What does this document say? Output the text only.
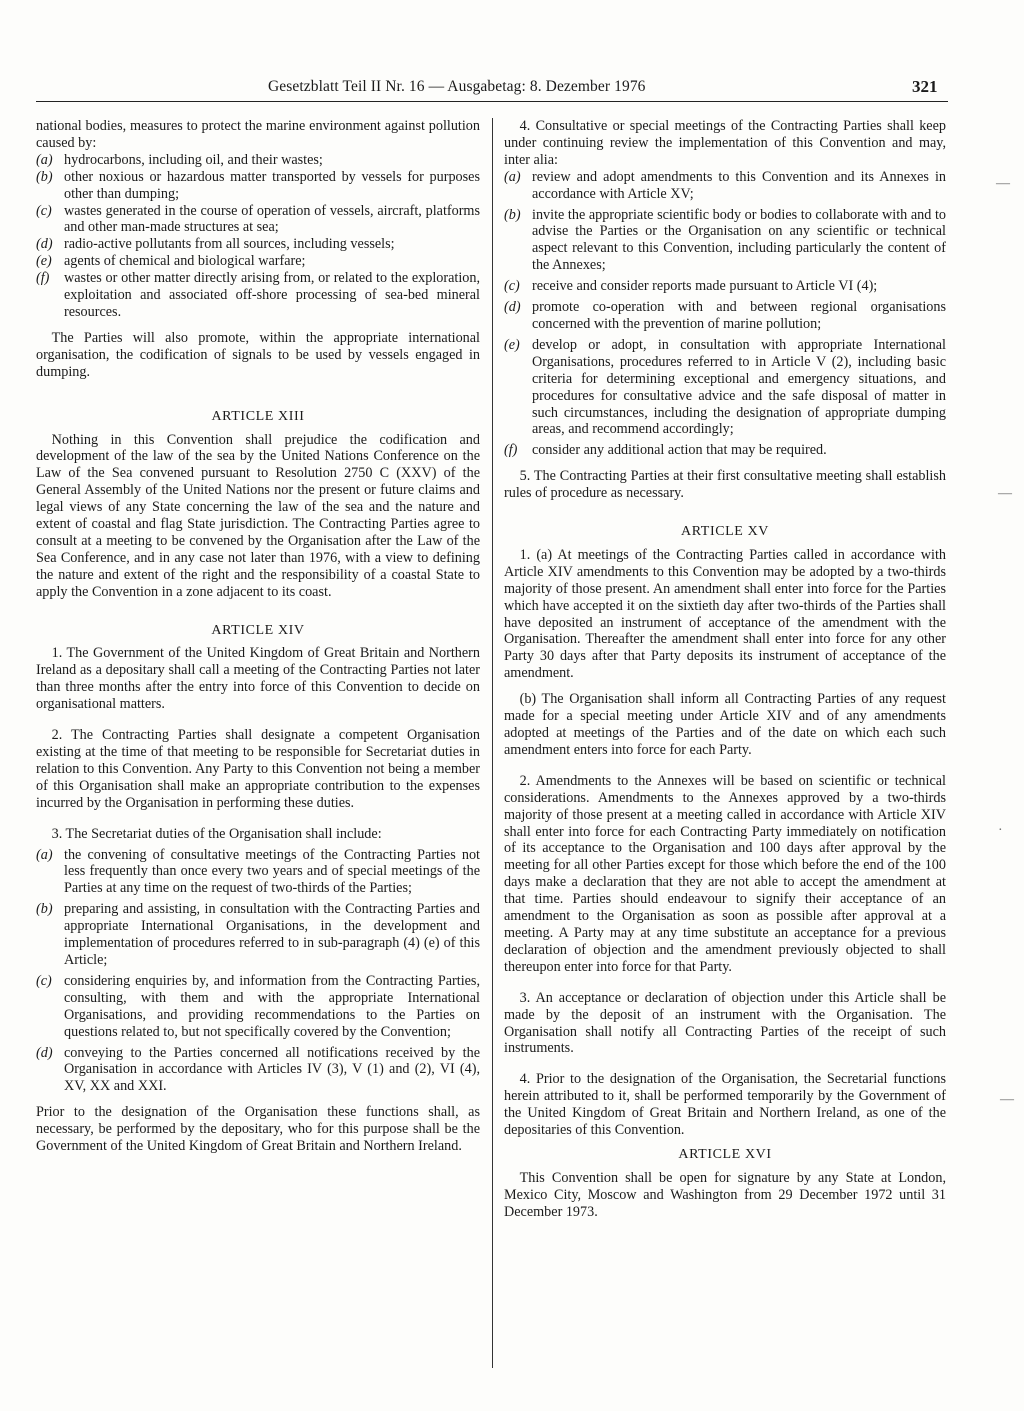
Gesetzblatt Teil II Nr. 16 — Ausgabetag: 8. Dezember 1976	321
—
—
·
—

national bodies, measures to protect the marine environment against pollution caused by:

(a) hydrocarbons, including oil, and their wastes;
(b) other noxious or hazardous matter transported by vessels for purposes other than dumping;
(c) wastes generated in the course of operation of vessels, aircraft, platforms and other man-made structures at sea;
(d) radio-active pollutants from all sources, including vessels;
(e) agents of chemical and biological warfare;
(f)	wastes or other matter directly arising from, or related to the exploration, exploitation and associated off-shore processing of sea-bed mineral resources.

The Parties will also promote, within the appropriate international organisation, the codification of signals to be used by vessels engaged in dumping.

ARTICLE XIII

Nothing in this Convention shall prejudice the codification and development of the law of the sea by the United Nations Conference on the Law of the Sea convened pursuant to Resolution 2750 C (XXV) of the General Assembly of the United Nations nor the present or future claims and legal views of any State concerning the law of the sea and the nature and extent of coastal and flag State jurisdiction. The Contracting Parties agree to consult at a meeting to be convened by the Organisation after the Law of the Sea Conference, and in any case not later than 1976, with a view to defining the nature and extent of the right and the responsibility of a coastal State to apply the Convention in a zone adjacent to its coast.

ARTICLE XIV

1. The Government of the United Kingdom of Great Britain and Northern Ireland as a depositary shall call a meeting of the Contracting Parties not later than three months after the entry into force of this Convention to decide on organisational matters.

2. The Contracting Parties shall designate a competent Organisation existing at the time of that meeting to be responsible for Secretariat duties in relation to this Convention. Any Party to this Convention not being a member of this Organisation shall make an appropriate contribution to the expenses incurred by the Organisation in performing these duties.

3. The Secretariat duties of the Organisation shall include:

(a) the convening of consultative meetings of the Contracting Parties not less frequently than once every two years and of special meetings of the Parties at any time on the request of two-thirds of the Parties;
(b) preparing and assisting, in consultation with the Contracting Parties and appropriate International Organisations, in the development and implementation of procedures referred to in sub-paragraph (4) (e) of this Article;
(c) considering enquiries by, and information from the Contracting Parties, consulting, with them and with the appropriate International Organisations, and providing recommendations to the Parties on questions related to, but not specifically covered by the Convention;
(d) conveying to the Parties concerned all notifications received by the Organisation in accordance with Articles IV (3), V (1) and (2), VI (4), XV, XX and XXI.

Prior to the designation of the Organisation these functions shall, as necessary, be performed by the depositary, who for this purpose shall be the Government of the United Kingdom of Great Britain and Northern Ireland.

4. Consultative or special meetings of the Contracting Parties shall keep under continuing review the implementation of this Convention and may, inter alia:

(a) review and adopt amendments to this Convention and its Annexes in accordance with Article XV;
(b) invite the appropriate scientific body or bodies to collaborate with and to advise the Parties or the Organisation on any scientific or technical aspect relevant to this Convention, including particularly the content of the Annexes;
(c) receive and consider reports made pursuant to Article VI (4);
(d) promote co-operation with and between regional organisations concerned with the prevention of marine pollution;
(e) develop or adopt, in consultation with appropriate International Organisations, procedures referred to in Article V (2), including basic criteria for determining exceptional and emergency situations, and procedures for consultative advice and the safe disposal of matter in such circumstances, including the designation of appropriate dumping areas, and recommend accordingly;
(f)	consider any additional action that may be required.

5. The Contracting Parties at their first consultative meeting shall establish rules of procedure as necessary.

ARTICLE XV

1. (a) At meetings of the Contracting Parties called in accordance with Article XIV amendments to this Convention may be adopted by a two-thirds majority of those present. An amendment shall enter into force for the Parties which have accepted it on the sixtieth day after two-thirds of the Parties shall have deposited an instrument of acceptance of the amendment with the Organisation. Thereafter the amendment shall enter into force for any other Party 30 days after that Party deposits its instrument of acceptance of the amendment.

(b) The Organisation shall inform all Contracting Parties of any request made for a special meeting under Article XIV and of any amendments adopted at meetings of the Parties and of the date on which each such amendment enters into force for each Party.

2. Amendments to the Annexes will be based on scientific or technical considerations. Amendments to the Annexes approved by a two-thirds majority of those present at a meeting called in accordance with Article XIV shall enter into force for each Contracting Party immediately on notification of its acceptance to the Organisation and 100 days after approval by the meeting for all other Parties except for those which before the end of the 100 days make a declaration that they are not able to accept the amendment at that time. Parties should endeavour to signify their acceptance of an amendment to the Organisation as soon as possible after approval at a meeting. A Party may at any time substitute an acceptance for a previous declaration of objection and the amendment previously objected to shall thereupon enter into force for that Party.

3. An acceptance or declaration of objection under this Article shall be made by the deposit of an instrument with the Organisation. The Organisation shall notify all Contracting Parties of the receipt of such instruments.

4. Prior to the designation of the Organisation, the Secretarial functions herein attributed to it, shall be performed temporarily by the Government of the United Kingdom of Great Britain and Northern Ireland, as one of the depositaries of this Convention.

ARTICLE XVI

This Convention shall be open for signature by any State at London, Mexico City, Moscow and Washington from 29 December 1972 until 31 December 1973.
